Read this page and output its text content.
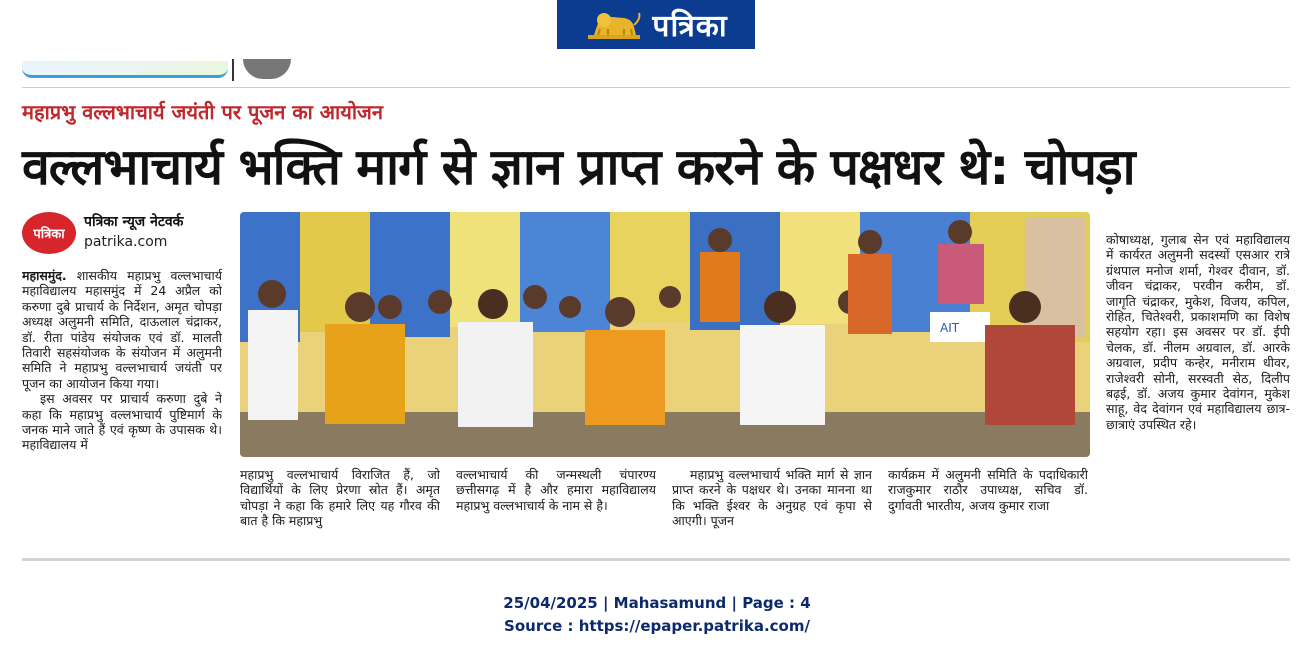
पत्रिका
महाप्रभु वल्लभाचार्य जयंती पर पूजन का आयोजन
वल्लभाचार्य भक्ति मार्ग से ज्ञान प्राप्त करने के पक्षधर थे: चोपड़ा
पत्रिका
पत्रिका न्यूज नेटवर्क
patrika.com
AIT

महासमुंद. शासकीय महाप्रभु वल्लभाचार्य महाविद्यालय महासमुंद में 24 अप्रैल को करुणा दुबे प्राचार्य के निर्देशन, अमृत चोपड़ा अध्यक्ष अलुमनी समिति, दाऊलाल चंद्राकर, डॉ. रीता पांडेय संयोजक एवं डॉ. मालती तिवारी सहसंयोजक के संयोजन में अलुमनी समिति ने महाप्रभु वल्लभाचार्य जयंती पर पूजन का आयोजन किया गया।

इस अवसर पर प्राचार्य करुणा दुबे ने कहा कि महाप्रभु वल्लभाचार्य पुष्टिमार्ग के जनक माने जाते हैं एवं कृष्ण के उपासक थे। महाविद्यालय में

महाप्रभु वल्लभाचार्य विराजित हैं, जो विद्यार्थियों के लिए प्रेरणा स्रोत हैं। अमृत चोपड़ा ने कहा कि हमारे लिए यह गौरव की बात है कि महाप्रभु

वल्लभाचार्य की जन्मस्थली चंपारण्य छत्तीसगढ़ में है और हमारा महाविद्यालय महाप्रभु वल्लभाचार्य के नाम से है।

महाप्रभु वल्लभाचार्य भक्ति मार्ग से ज्ञान प्राप्त करने के पक्षधर थे। उनका मानना था कि भक्ति ईश्वर के अनुग्रह एवं कृपा से आएगी। पूजन

कार्यक्रम में अलुमनी समिति के पदाधिकारी राजकुमार राठौर उपाध्यक्ष, सचिव डॉ. दुर्गावती भारतीय, अजय कुमार राजा

कोषाध्यक्ष, गुलाब सेन एवं महाविद्यालय में कार्यरत अलुमनी सदस्यों एसआर रात्रे ग्रंथपाल मनोज शर्मा, गेश्वर दीवान, डॉ. जीवन चंद्राकर, परवीन करीम, डॉ. जागृति चंद्राकर, मुकेश, विजय, कपिल, रोहित, चितेश्वरी, प्रकाशमणि का विशेष सहयोग रहा। इस अवसर पर डॉ. ईपी चेलक, डॉ. नीलम अग्रवाल, डॉ. आरके अग्रवाल, प्रदीप कन्हेर, मनीराम धीवर, राजेश्वरी सोनी, सरस्वती सेठ, दिलीप बढ़ई, डॉ. अजय कुमार देवांगन, मुकेश साहू, वेद देवांगन एवं महाविद्यालय छात्र-छात्राएं उपस्थित रहे।

25/04/2025 | Mahasamund | Page : 4
Source : https://epaper.patrika.com/
